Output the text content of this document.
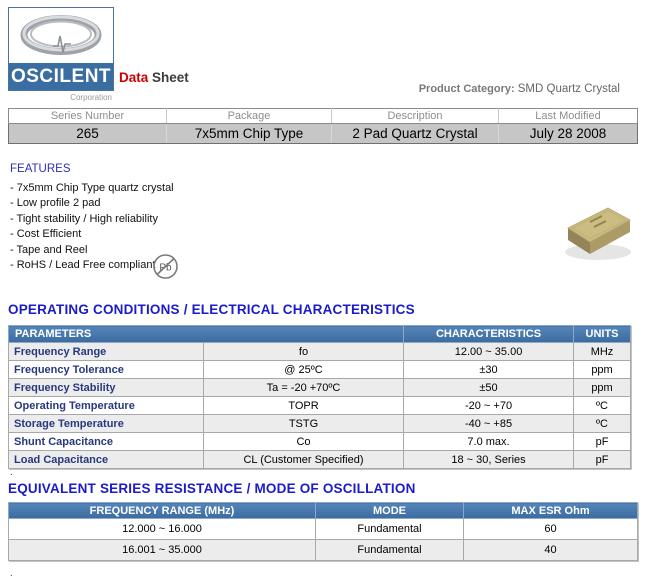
OSCILENT
Corporation
Data Sheet
Product Category: SMD Quartz Crystal
Series Number	Package	Description	Last Modified
265	7x5mm Chip Type	2 Pad Quartz Crystal	July 28 2008
FEATURES
- 7x5mm Chip Type quartz crystal
- Low profile 2 pad
- Tight stability / High reliability
- Cost Efficient
- Tape and Reel
- RoHS / Lead Free compliant Pb
OPERATING CONDITIONS / ELECTRICAL CHARACTERISTICS
PARAMETERS		CHARACTERISTICS	UNITS
Frequency Range	fo	12.00 ~ 35.00	MHz
Frequency Tolerance	@ 25ºC	±30	ppm
Frequency Stability	Ta = -20 +70ºC	±50	ppm
Operating Temperature	TOPR	-20 ~ +70	ºC
Storage Temperature	TSTG	-40 ~ +85	ºC
Shunt Capacitance	Co	7.0 max.	pF
Load Capacitance	CL (Customer Specified)	18 ~ 30, Series	pF
.
EQUIVALENT SERIES RESISTANCE / MODE OF OSCILLATION
FREQUENCY RANGE (MHz)	MODE	MAX ESR Ohm
12.000 ~ 16.000	Fundamental	60
16.001 ~ 35.000	Fundamental	40
.
